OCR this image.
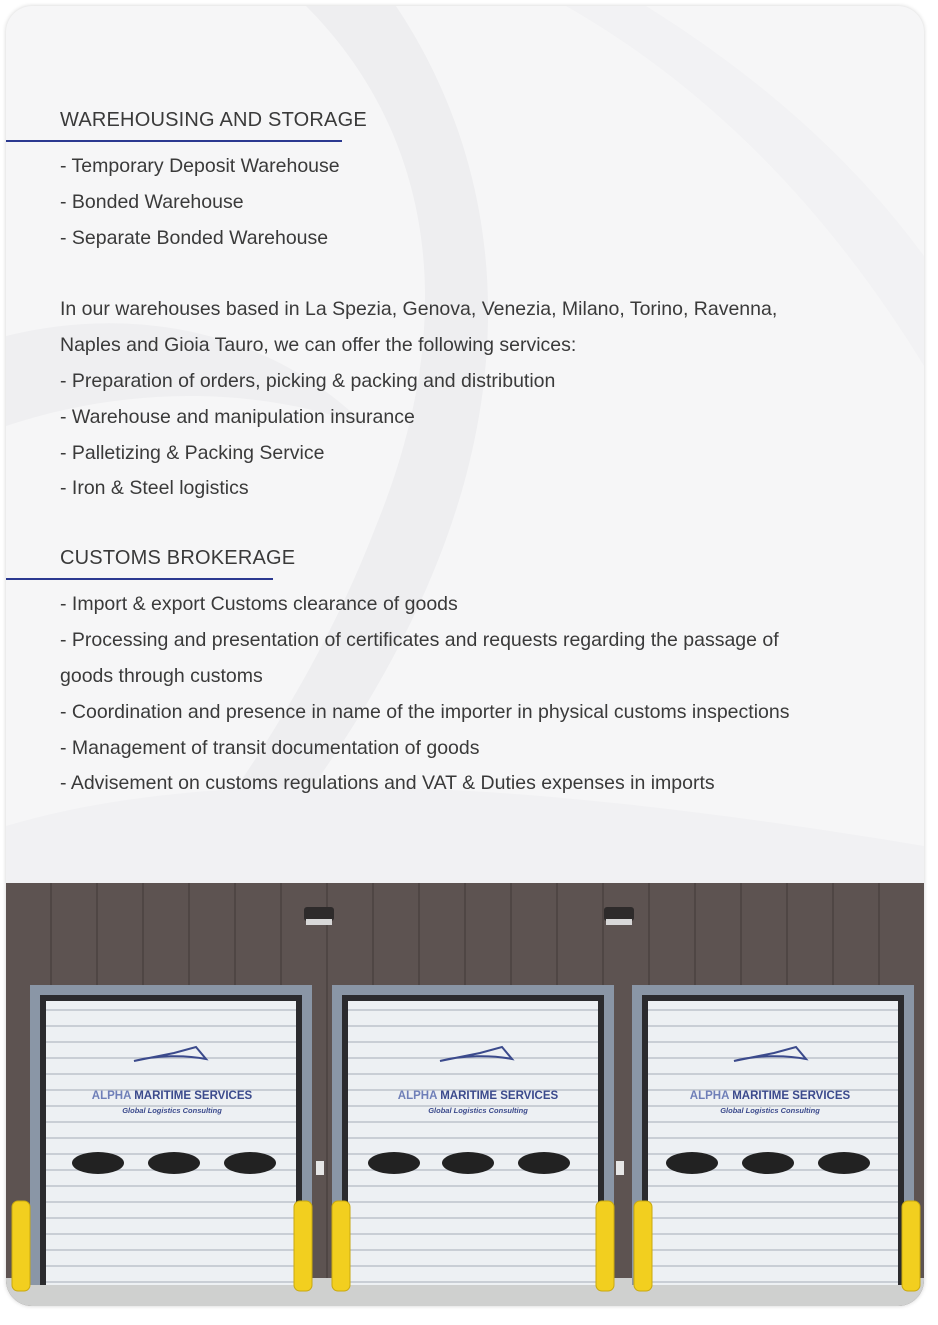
WAREHOUSING AND STORAGE

- Temporary Deposit Warehouse

- Bonded Warehouse

- Separate Bonded Warehouse

In our warehouses based in La Spezia, Genova, Venezia, Milano, Torino, Ravenna,

Naples and Gioia Tauro, we can offer the following services:

- Preparation of orders, picking & packing and distribution

- Warehouse and manipulation insurance

- Palletizing & Packing Service

- Iron & Steel logistics

CUSTOMS BROKERAGE

- Import & export Customs clearance of goods

- Processing and presentation of certificates and requests regarding the passage of

goods through customs

- Coordination and presence in name of the importer in physical customs inspections

- Management of transit documentation of goods

- Advisement on customs regulations and VAT & Duties expenses in imports

ALPHA MARITIME SERVICES
Global Logistics Consulting
ALPHA MARITIME SERVICES
Global Logistics Consulting
ALPHA MARITIME SERVICES
Global Logistics Consulting
